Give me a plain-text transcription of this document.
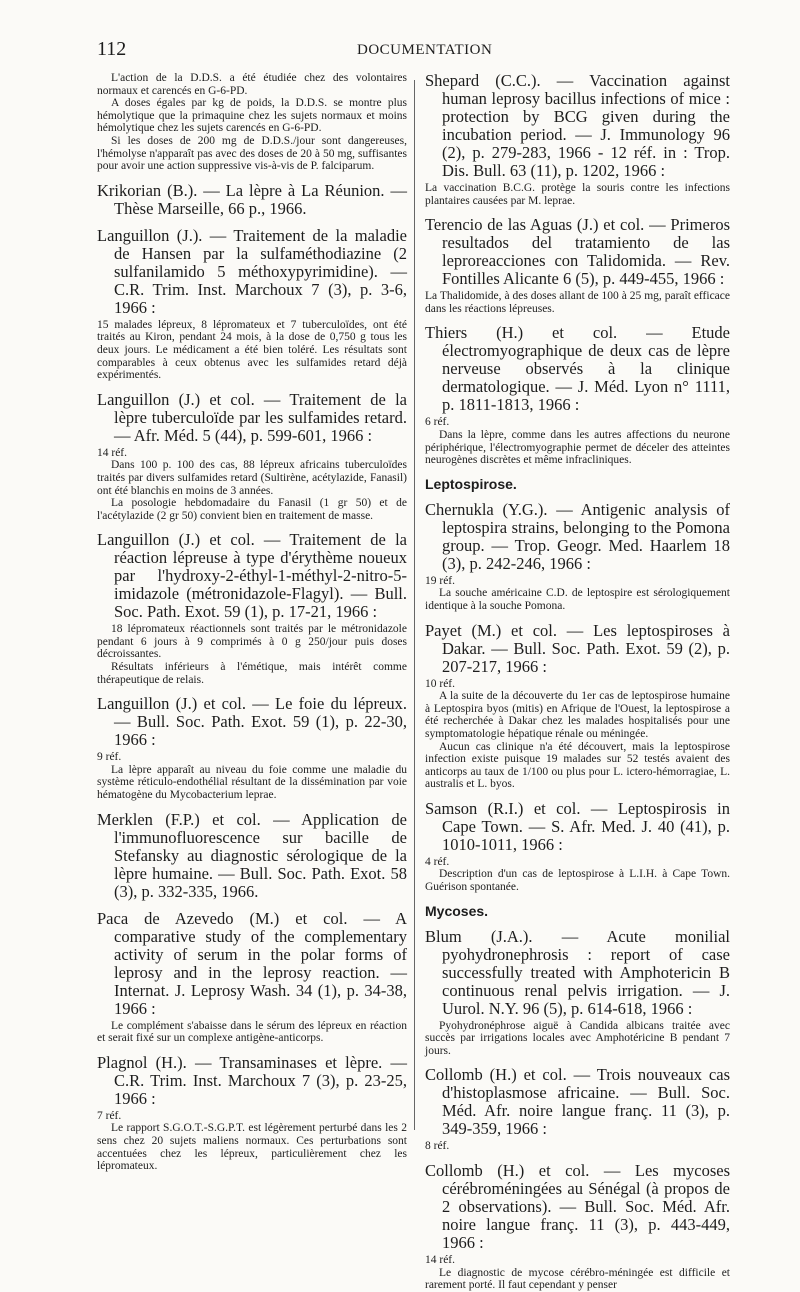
112	DOCUMENTATION

L'action de la D.D.S. a été étudiée chez des volontaires normaux et carencés en G-6-PD.

A doses égales par kg de poids, la D.D.S. se montre plus hémolytique que la primaquine chez les sujets normaux et moins hémolytique chez les sujets carencés en G-6-PD.

Si les doses de 200 mg de D.D.S./jour sont dangereuses, l'hémolyse n'apparaît pas avec des doses de 20 à 50 mg, suffisantes pour avoir une action suppressive vis-à-vis de P. falciparum.

Krikorian (B.). — La lèpre à La Réunion. — Thèse Marseille, 66 p., 1966.

Languillon (J.). — Traitement de la maladie de Hansen par la sulfaméthodiazine (2 sulfanilamido 5 méthoxypyrimidine). — C.R. Trim. Inst. Marchoux 7 (3), p. 3-6, 1966 :

15 malades lépreux, 8 lépromateux et 7 tuberculoïdes, ont été traités au Kiron, pendant 24 mois, à la dose de 0,750 g tous les deux jours. Le médicament a été bien toléré. Les résultats sont comparables à ceux obtenus avec les sulfamides retard déjà expérimentés.

Languillon (J.) et col. — Traitement de la lèpre tuberculoïde par les sulfamides retard. — Afr. Méd. 5 (44), p. 599-601, 1966 :

14 réf.

Dans 100 p. 100 des cas, 88 lépreux africains tuberculoïdes traités par divers sulfamides retard (Sultirène, acétylazide, Fanasil) ont été blanchis en moins de 3 années.

La posologie hebdomadaire du Fanasil (1 gr 50) et de l'acétylazide (2 gr 50) convient bien en traitement de masse.

Languillon (J.) et col. — Traitement de la réaction lépreuse à type d'érythème noueux par l'hydroxy-2-éthyl-1-méthyl-2-nitro-5-imidazole (métronidazole-Flagyl). — Bull. Soc. Path. Exot. 59 (1), p. 17-21, 1966 :

18 lépromateux réactionnels sont traités par le métronidazole pendant 6 jours à 9 comprimés à 0 g 250/jour puis doses décroissantes.

Résultats inférieurs à l'émétique, mais intérêt comme thérapeutique de relais.

Languillon (J.) et col. — Le foie du lépreux. — Bull. Soc. Path. Exot. 59 (1), p. 22-30, 1966 :

9 réf.

La lèpre apparaît au niveau du foie comme une maladie du système réticulo-endothélial résultant de la dissémination par voie hématogène du Mycobacterium leprae.

Merklen (F.P.) et col. — Application de l'immunofluorescence sur bacille de Stefansky au diagnostic sérologique de la lèpre humaine. — Bull. Soc. Path. Exot. 58 (3), p. 332-335, 1966.

Paca de Azevedo (M.) et col. — A comparative study of the complementary activity of serum in the polar forms of leprosy and in the leprosy reaction. — Internat. J. Leprosy Wash. 34 (1), p. 34-38, 1966 :

Le complément s'abaisse dans le sérum des lépreux en réaction et serait fixé sur un complexe antigène-anticorps.

Plagnol (H.). — Transaminases et lèpre. — C.R. Trim. Inst. Marchoux 7 (3), p. 23-25, 1966 :

7 réf.

Le rapport S.G.O.T.-S.G.P.T. est légèrement perturbé dans les 2 sens chez 20 sujets maliens normaux. Ces perturbations sont accentuées chez les lépreux, particulièrement chez les lépromateux.

Shepard (C.C.). — Vaccination against human leprosy bacillus infections of mice : protection by BCG given during the incubation period. — J. Immunology 96 (2), p. 279-283, 1966 - 12 réf. in : Trop. Dis. Bull. 63 (11), p. 1202, 1966 :

La vaccination B.C.G. protège la souris contre les infections plantaires causées par M. leprae.

Terencio de las Aguas (J.) et col. — Primeros resultados del tratamiento de las leproreacciones con Talidomida. — Rev. Fontilles Alicante 6 (5), p. 449-455, 1966 :

La Thalidomide, à des doses allant de 100 à 25 mg, paraît efficace dans les réactions lépreuses.

Thiers (H.) et col. — Etude électromyographique de deux cas de lèpre nerveuse observés à la clinique dermatologique. — J. Méd. Lyon n° 1111, p. 1811-1813, 1966 :

6 réf.

Dans la lèpre, comme dans les autres affections du neurone périphérique, l'électromyographie permet de déceler des atteintes neurogènes discrètes et même infracliniques.

Leptospirose.

Chernukla (Y.G.). — Antigenic analysis of leptospira strains, belonging to the Pomona group. — Trop. Geogr. Med. Haarlem 18 (3), p. 242-246, 1966 :

19 réf.

La souche américaine C.D. de leptospire est sérologiquement identique à la souche Pomona.

Payet (M.) et col. — Les leptospiroses à Dakar. — Bull. Soc. Path. Exot. 59 (2), p. 207-217, 1966 :

10 réf.

A la suite de la découverte du 1er cas de leptospirose humaine à Leptospira byos (mitis) en Afrique de l'Ouest, la leptospirose a été recherchée à Dakar chez les malades hospitalisés pour une symptomatologie hépatique rénale ou méningée.

Aucun cas clinique n'a été découvert, mais la leptospirose infection existe puisque 19 malades sur 52 testés avaient des anticorps au taux de 1/100 ou plus pour L. ictero-hémorragiae, L. australis et L. byos.

Samson (R.I.) et col. — Leptospirosis in Cape Town. — S. Afr. Med. J. 40 (41), p. 1010-1011, 1966 :

4 réf.

Description d'un cas de leptospirose à L.I.H. à Cape Town. Guérison spontanée.

Mycoses.

Blum (J.A.). — Acute monilial pyohydronephrosis : report of case successfully treated with Amphotericin B continuous renal pelvis irrigation. — J. Uurol. N.Y. 96 (5), p. 614-618, 1966 :

Pyohydronéphrose aiguë à Candida albicans traitée avec succès par irrigations locales avec Amphotéricine B pendant 7 jours.

Collomb (H.) et col. — Trois nouveaux cas d'histoplasmose africaine. — Bull. Soc. Méd. Afr. noire langue franç. 11 (3), p. 349-359, 1966 :

8 réf.

Collomb (H.) et col. — Les mycoses cérébroméningées au Sénégal (à propos de 2 observations). — Bull. Soc. Méd. Afr. noire langue franç. 11 (3), p. 443-449, 1966 :

14 réf.

Le diagnostic de mycose cérébro-méningée est difficile et rarement porté. Il faut cependant y penser
